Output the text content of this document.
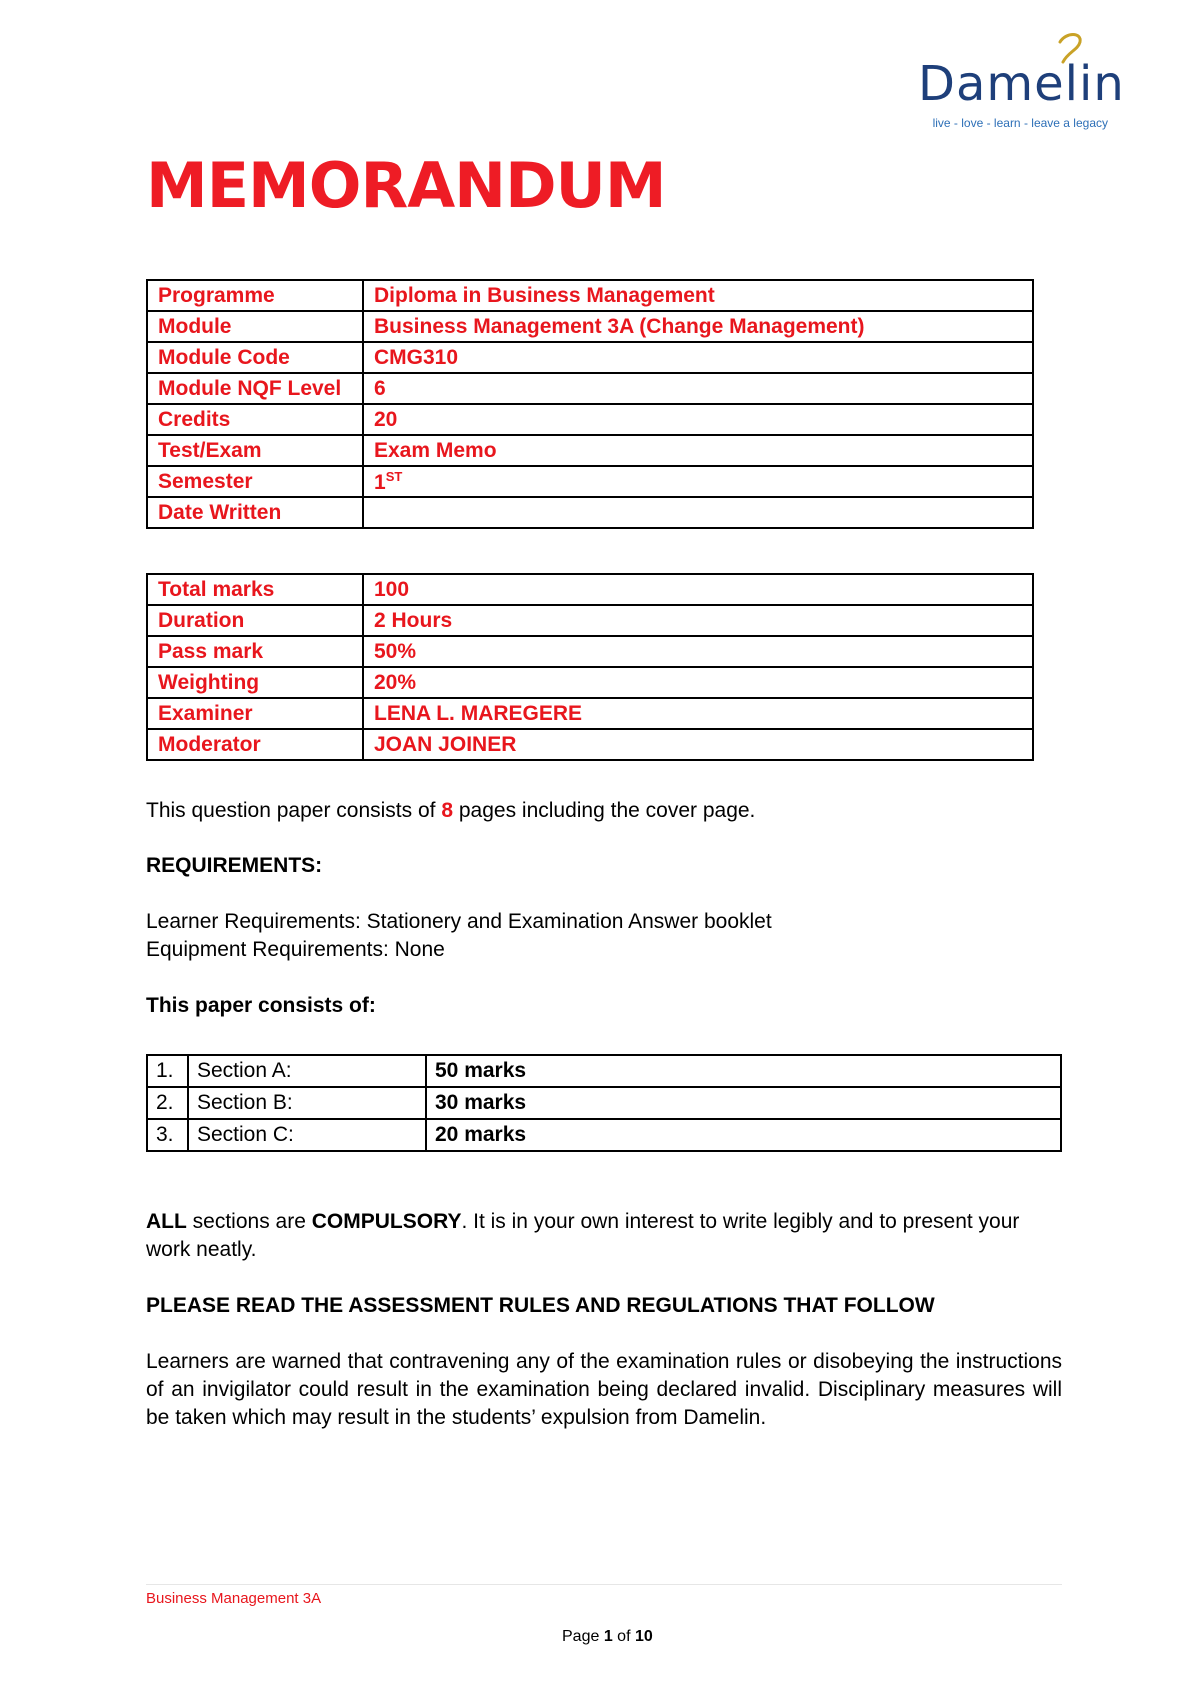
Damelin
live - love - learn - leave a legacy
MEMORANDUM
Programme	Diploma in Business Management
Module	Business Management 3A (Change Management)
Module Code	CMG310
Module NQF Level	6
Credits	20
Test/Exam	Exam Memo
Semester	1ST
Date Written	
Total marks	100
Duration	2 Hours
Pass mark	50%
Weighting	20%
Examiner	LENA L. MAREGERE
Moderator	JOAN JOINER

This question paper consists of 8 pages including the cover page.

REQUIREMENTS:

Learner Requirements: Stationery and Examination Answer booklet

Equipment Requirements: None

This paper consists of:

1.	Section A:	50 marks
2.	Section B:	30 marks
3.	Section C:	20 marks

ALL sections are COMPULSORY. It is in your own interest to write legibly and to present your work neatly.

PLEASE READ THE ASSESSMENT RULES AND REGULATIONS THAT FOLLOW

Learners are warned that contravening any of the examination rules or disobeying the instructions of an invigilator could result in the examination being declared invalid. Disciplinary measures will be taken which may result in the students’ expulsion from Damelin.

Business Management 3A
Page 1 of 10
